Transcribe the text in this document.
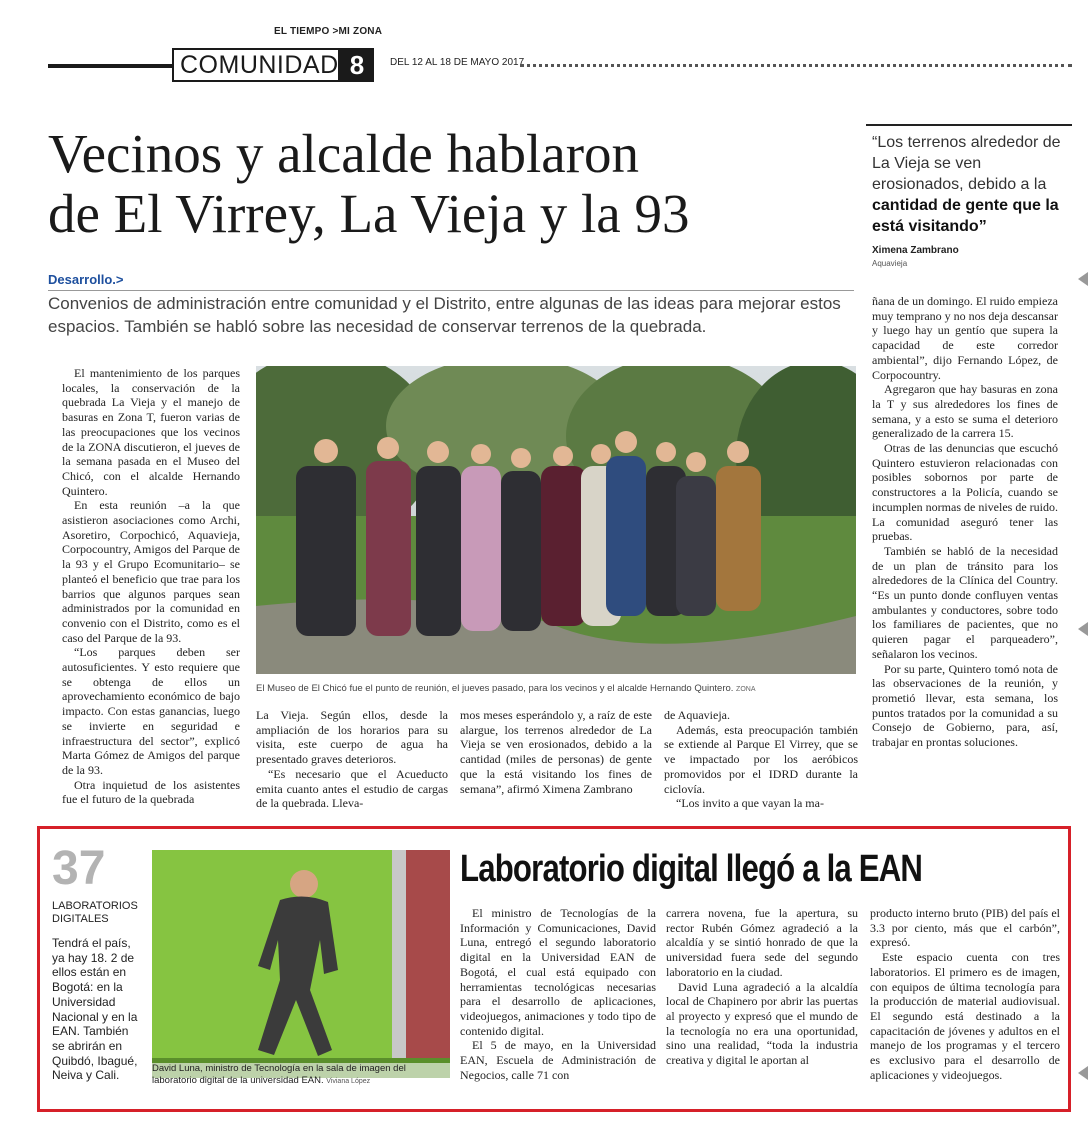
EL TIEMPO >MI ZONA
COMUNIDAD 8	DEL 12 AL 18 DE MAYO 2017
Vecinos y alcalde hablaron
de El Virrey, La Vieja y la 93
Desarrollo.>
Convenios de administración entre comunidad y el Distrito, entre algunas de las ideas para mejorar estos espacios. También se habló sobre las necesidad de conservar terrenos de la quebrada.
“Los terrenos alrededor de La Vieja se ven erosionados, debido a la cantidad de gente que la está visitando”
Ximena Zambrano
Aquavieja

El mantenimiento de los parques locales, la conservación de la quebrada La Vieja y el manejo de basuras en Zona T, fueron varias de las preocupaciones que los vecinos de la ZONA discutieron, el jueves de la semana pasada en el Museo del Chicó, con el alcalde Hernando Quintero.

En esta reunión –a la que asistieron asociaciones como Archi, Asoretiro, Corpochicó, Aquavieja, Corpocountry, Amigos del Parque de la 93 y el Grupo Ecomunitario– se planteó el beneficio que trae para los barrios que algunos parques sean administrados por la comunidad en convenio con el Distrito, como es el caso del Parque de la 93.

“Los parques deben ser autosuficientes. Y esto requiere que se obtenga de ellos un aprovechamiento económico de bajo impacto. Con estas ganancias, luego se invierte en seguridad e infraestructura del sector”, explicó Marta Gómez de Amigos del parque de la 93.

Otra inquietud de los asistentes fue el futuro de la quebrada

El Museo de El Chicó fue el punto de reunión, el jueves pasado, para los vecinos y el alcalde Hernando Quintero. ZONA

La Vieja. Según ellos, desde la ampliación de los horarios para su visita, este cuerpo de agua ha presentado graves deterioros.

“Es necesario que el Acueducto emita cuanto antes el estudio de cargas de la quebrada. Lleva-

mos meses esperándolo y, a raíz de este alargue, los terrenos alrededor de La Vieja se ven erosionados, debido a la cantidad (miles de personas) de gente que la está visitando los fines de semana”, afirmó Ximena Zambrano

de Aquavieja.

Además, esta preocupación también se extiende al Parque El Virrey, que se ve impactado por los aeróbicos promovidos por el IDRD durante la ciclovía.

“Los invito a que vayan la ma-

ñana de un domingo. El ruido empieza muy temprano y no nos deja descansar y luego hay un gentío que supera la capacidad de este corredor ambiental”, dijo Fernando López, de Corpocountry.

Agregaron que hay basuras en zona la T y sus alrededores los fines de semana, y a esto se suma el deterioro generalizado de la carrera 15.

Otras de las denuncias que escuchó Quintero estuvieron relacionadas con posibles sobornos por parte de constructores a la Policía, cuando se incumplen normas de niveles de ruido. La comunidad aseguró tener las pruebas.

También se habló de la necesidad de un plan de tránsito para los alrededores de la Clínica del Country. “Es un punto donde confluyen ventas ambulantes y conductores, sobre todo los familiares de pacientes, que no quieren pagar el parqueadero”, señalaron los vecinos.

Por su parte, Quintero tomó nota de las observaciones de la reunión, y prometió llevar, esta semana, los puntos tratados por la comunidad a su Consejo de Gobierno, para, así, trabajar en prontas soluciones.

37
LABORATORIOS DIGITALES
Tendrá el país, ya hay 18. 2 de ellos están en Bogotá: en la Universidad Nacional y en la EAN. También se abrirán en Quibdó, Ibagué, Neiva y Cali.	David Luna, ministro de Tecnología en la sala de imagen del laboratorio digital de la universidad EAN. Viviana López
Laboratorio digital llegó a la EAN

El ministro de Tecnologías de la Información y Comunicaciones, David Luna, entregó el segundo laboratorio digital en la Universidad EAN de Bogotá, el cual está equipado con herramientas tecnológicas necesarias para el desarrollo de aplicaciones, videojuegos, animaciones y todo tipo de contenido digital.

El 5 de mayo, en la Universidad EAN, Escuela de Administración de Negocios, calle 71 con

carrera novena, fue la apertura, su rector Rubén Gómez agradeció a la alcaldía y se sintió honrado de que la universidad fuera sede del segundo laboratorio en la ciudad.

David Luna agradeció a la alcaldía local de Chapinero por abrir las puertas al proyecto y expresó que el mundo de la tecnología no era una oportunidad, sino una realidad, “toda la industria creativa y digital le aportan al

producto interno bruto (PIB) del país el 3.3 por ciento, más que el carbón”, expresó.

Este espacio cuenta con tres laboratorios. El primero es de imagen, con equipos de última tecnología para la producción de material audiovisual. El segundo está destinado a la capacitación de jóvenes y adultos en el manejo de los programas y el tercero es exclusivo para el desarrollo de aplicaciones y videojuegos.
